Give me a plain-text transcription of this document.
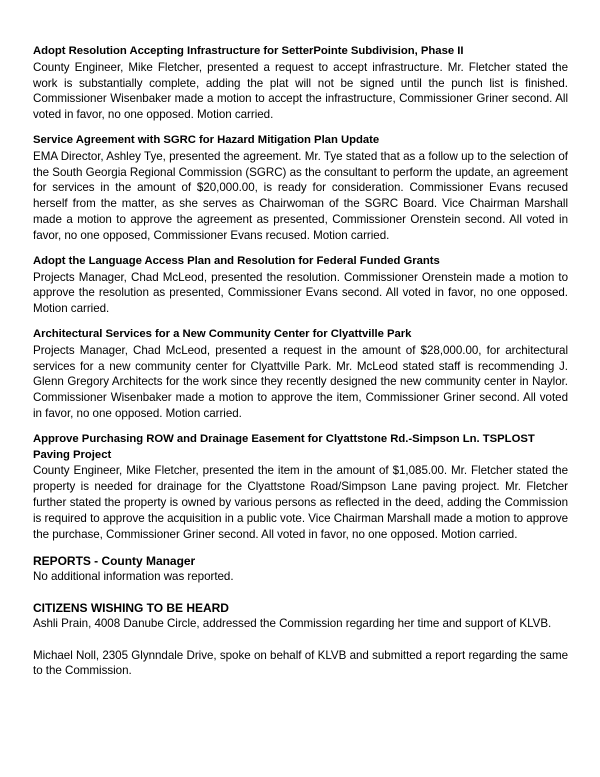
Adopt Resolution Accepting Infrastructure for SetterPointe Subdivision, Phase II
County Engineer, Mike Fletcher, presented a request to accept infrastructure. Mr. Fletcher stated the work is substantially complete, adding the plat will not be signed until the punch list is finished. Commissioner Wisenbaker made a motion to accept the infrastructure, Commissioner Griner second. All voted in favor, no one opposed. Motion carried.
Service Agreement with SGRC for Hazard Mitigation Plan Update
EMA Director, Ashley Tye, presented the agreement. Mr. Tye stated that as a follow up to the selection of the South Georgia Regional Commission (SGRC) as the consultant to perform the update, an agreement for services in the amount of $20,000.00, is ready for consideration. Commissioner Evans recused herself from the matter, as she serves as Chairwoman of the SGRC Board. Vice Chairman Marshall made a motion to approve the agreement as presented, Commissioner Orenstein second. All voted in favor, no one opposed, Commissioner Evans recused. Motion carried.
Adopt the Language Access Plan and Resolution for Federal Funded Grants
Projects Manager, Chad McLeod, presented the resolution. Commissioner Orenstein made a motion to approve the resolution as presented, Commissioner Evans second. All voted in favor, no one opposed. Motion carried.
Architectural Services for a New Community Center for Clyattville Park
Projects Manager, Chad McLeod, presented a request in the amount of $28,000.00, for architectural services for a new community center for Clyattville Park. Mr. McLeod stated staff is recommending J. Glenn Gregory Architects for the work since they recently designed the new community center in Naylor. Commissioner Wisenbaker made a motion to approve the item, Commissioner Griner second. All voted in favor, no one opposed. Motion carried.
Approve Purchasing ROW and Drainage Easement for Clyattstone Rd.-Simpson Ln. TSPLOST Paving Project
County Engineer, Mike Fletcher, presented the item in the amount of $1,085.00. Mr. Fletcher stated the property is needed for drainage for the Clyattstone Road/Simpson Lane paving project. Mr. Fletcher further stated the property is owned by various persons as reflected in the deed, adding the Commission is required to approve the acquisition in a public vote. Vice Chairman Marshall made a motion to approve the purchase, Commissioner Griner second. All voted in favor, no one opposed. Motion carried.
REPORTS - County Manager
No additional information was reported.
CITIZENS WISHING TO BE HEARD
Ashli Prain, 4008 Danube Circle, addressed the Commission regarding her time and support of KLVB.
Michael Noll, 2305 Glynndale Drive, spoke on behalf of KLVB and submitted a report regarding the same to the Commission.
